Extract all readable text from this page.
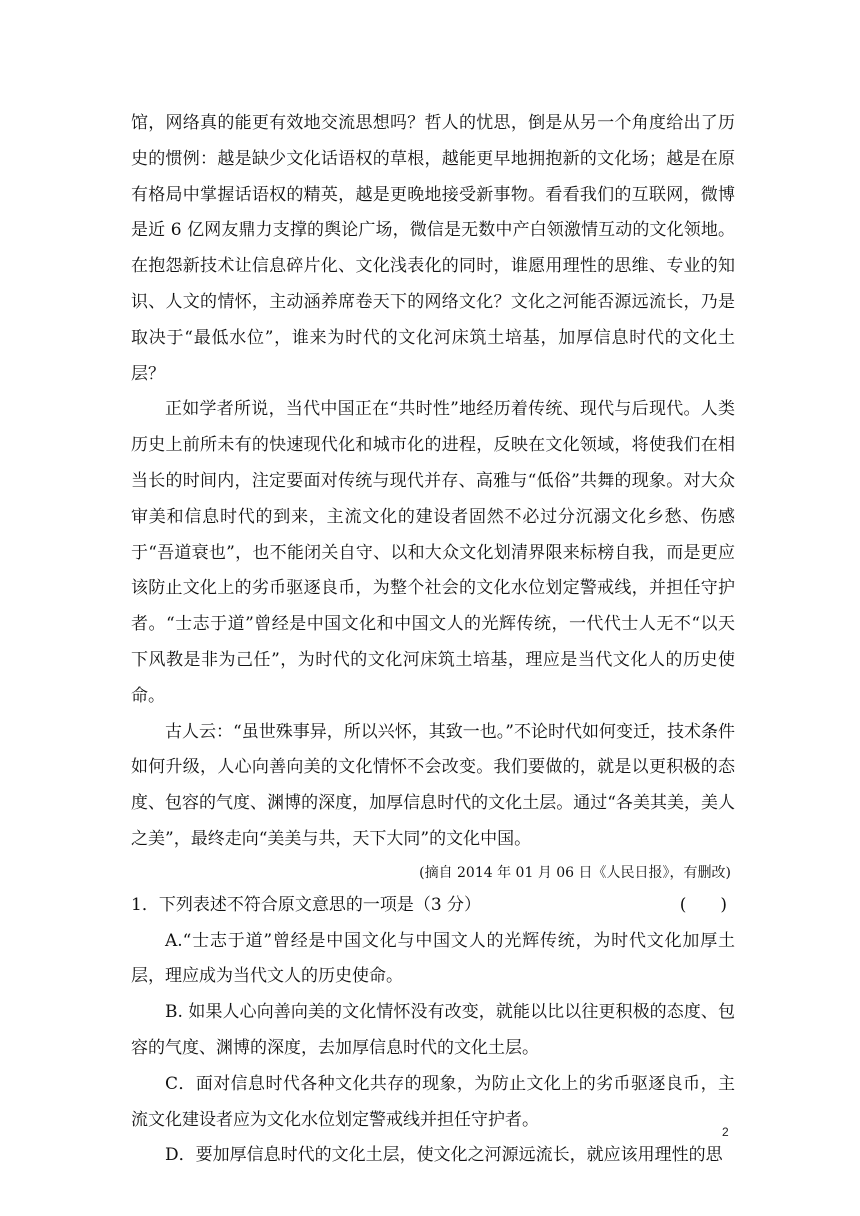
馆，网络真的能更有效地交流思想吗？哲人的忧思，倒是从另一个角度给出了历史的惯例：越是缺少文化话语权的草根，越能更早地拥抱新的文化场；越是在原有格局中掌握话语权的精英，越是更晚地接受新事物。看看我们的互联网，微博是近 6 亿网友鼎力支撑的舆论广场，微信是无数中产白领激情互动的文化领地。在抱怨新技术让信息碎片化、文化浅表化的同时，谁愿用理性的思维、专业的知识、人文的情怀，主动涵养席卷天下的网络文化？文化之河能否源远流长，乃是取决于“最低水位”，谁来为时代的文化河床筑土培基，加厚信息时代的文化土层？

正如学者所说，当代中国正在“共时性”地经历着传统、现代与后现代。人类历史上前所未有的快速现代化和城市化的进程，反映在文化领域，将使我们在相当长的时间内，注定要面对传统与现代并存、高雅与“低俗”共舞的现象。对大众审美和信息时代的到来，主流文化的建设者固然不必过分沉溺文化乡愁、伤感于“吾道衰也”，也不能闭关自守、以和大众文化划清界限来标榜自我，而是更应该防止文化上的劣币驱逐良币，为整个社会的文化水位划定警戒线，并担任守护者。“士志于道”曾经是中国文化和中国文人的光辉传统，一代代士人无不“以天下风教是非为己任”，为时代的文化河床筑土培基，理应是当代文化人的历史使命。

古人云：“虽世殊事异，所以兴怀，其致一也。”不论时代如何变迁，技术条件如何升级，人心向善向美的文化情怀不会改变。我们要做的，就是以更积极的态度、包容的气度、渊博的深度，加厚信息时代的文化土层。通过“各美其美，美人之美”，最终走向“美美与共，天下大同”的文化中国。

(摘自 2014 年 01 月 06 日《人民日报》，有删改)

1．下列表述不符合原文意思的一项是（3 分）	(　　)

A.“士志于道”曾经是中国文化与中国文人的光辉传统，为时代文化加厚土层，理应成为当代文人的历史使命。

B. 如果人心向善向美的文化情怀没有改变，就能以比以往更积极的态度、包容的气度、渊博的深度，去加厚信息时代的文化土层。

C．面对信息时代各种文化共存的现象，为防止文化上的劣币驱逐良币，主流文化建设者应为文化水位划定警戒线并担任守护者。

D．要加厚信息时代的文化土层，使文化之河源远流长，就应该用理性的思

2
